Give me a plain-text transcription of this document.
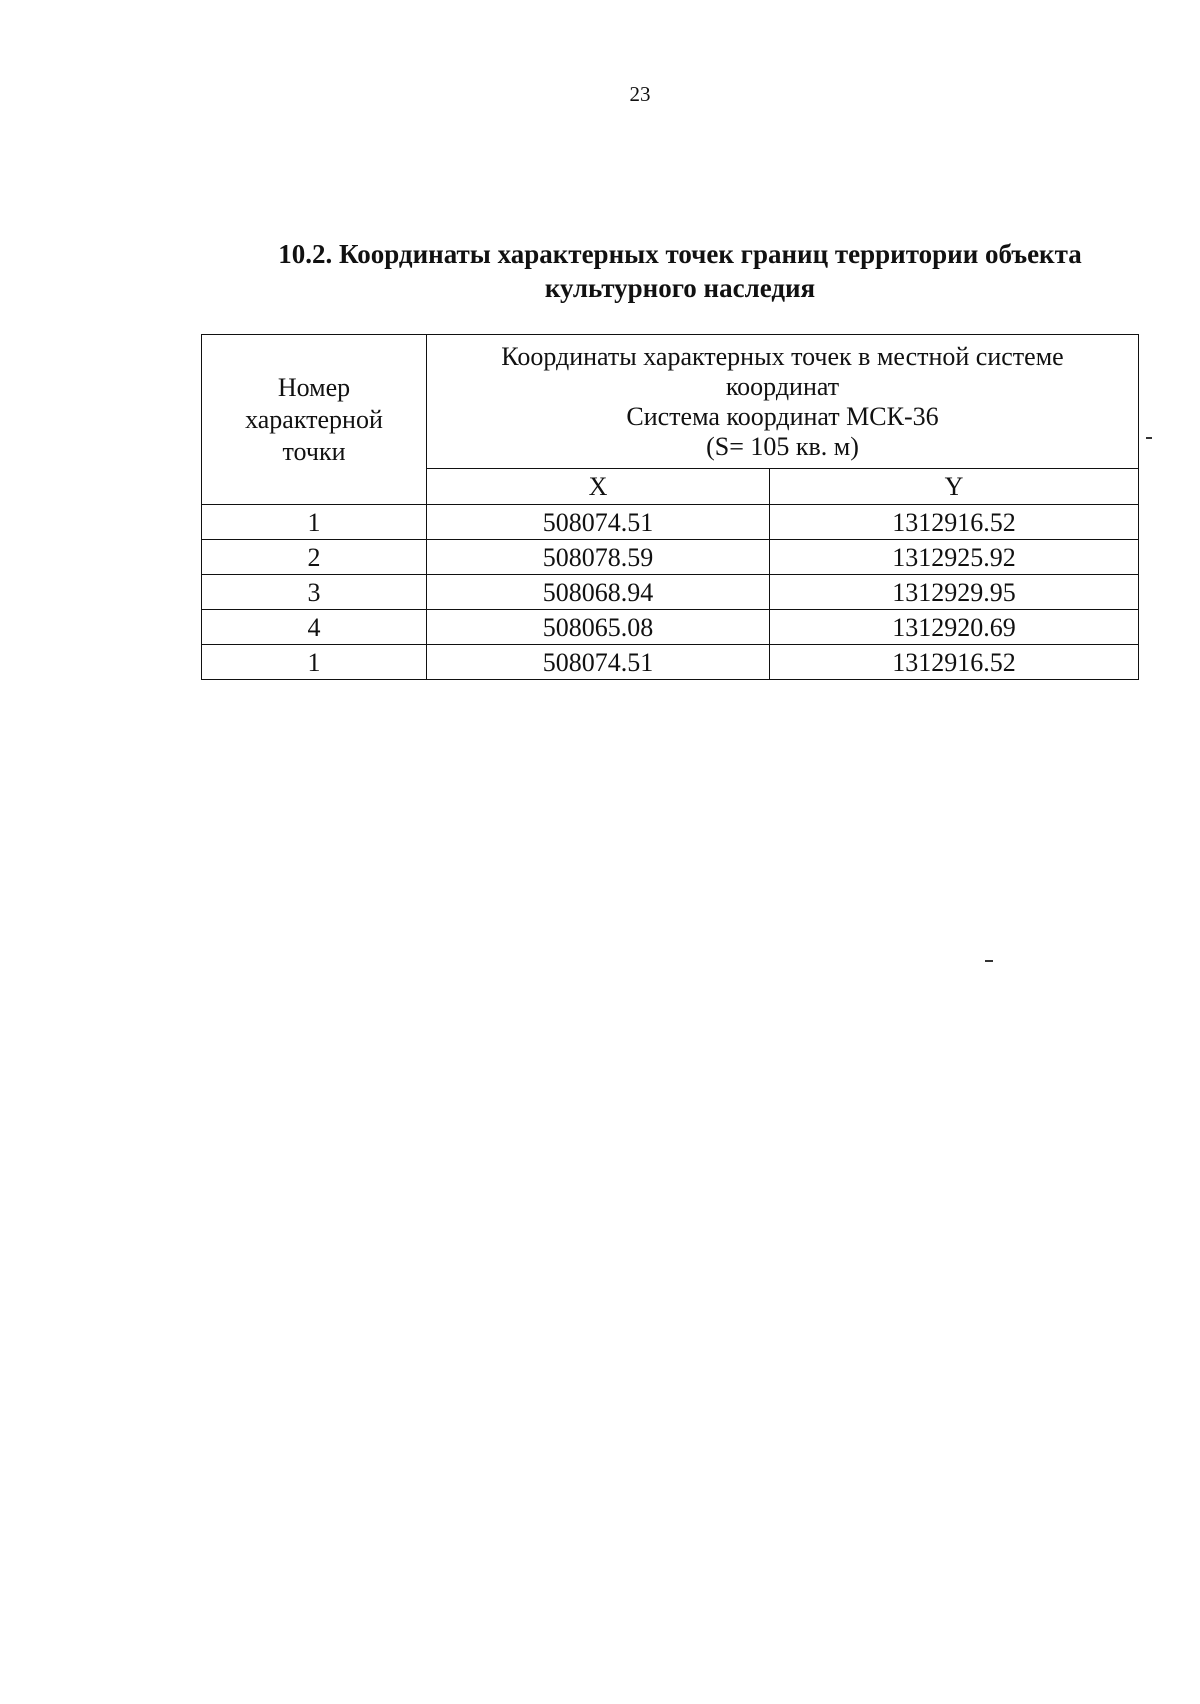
23
10.2. Координаты характерных точек границ территории объекта
культурного наследия
Номер
характерной
точки	Координаты характерных точек в местной системе
координат
Система координат МСК-36
(S= 105 кв. м)	

	X	Y
1	508074.51	1312916.52
2	508078.59	1312925.92
3	508068.94	1312929.95
4	508065.08	1312920.69
1	508074.51	1312916.52
